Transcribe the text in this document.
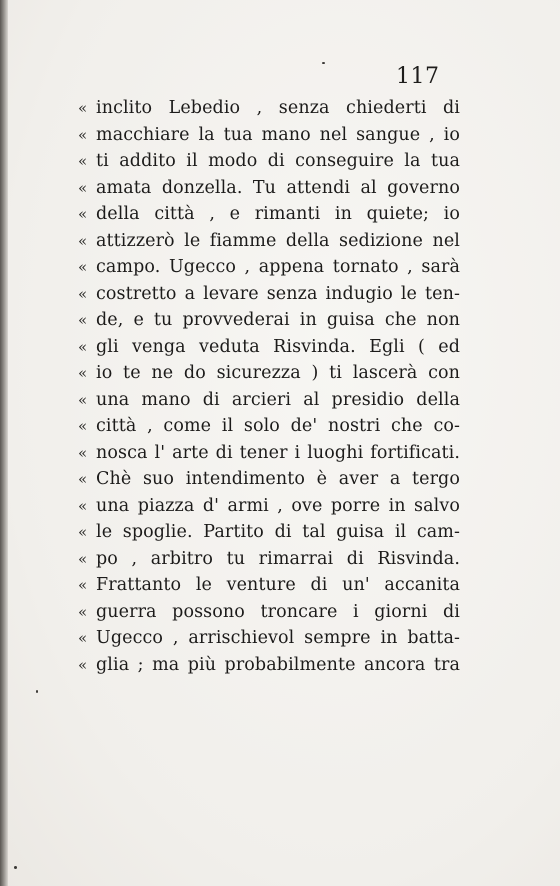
117
« inclito Lebedio , senza chiederti di
« macchiare la tua mano nel sangue , io
« ti addito il modo di conseguire la tua
« amata donzella. Tu attendi al governo
« della città , e rimanti in quiete; io
« attizzerò le fiamme della sedizione nel
« campo. Ugecco , appena tornato , sarà
« costretto a levare senza indugio le ten-
« de, e tu provvederai in guisa che non
« gli venga veduta Risvinda. Egli ( ed
« io te ne do sicurezza ) ti lascerà con
« una mano di arcieri al presidio della
« città , come il solo de' nostri che co-
« nosca l' arte di tener i luoghi fortificati.
« Chè suo intendimento è aver a tergo
« una piazza d' armi , ove porre in salvo
« le spoglie. Partito di tal guisa il cam-
« po , arbitro tu rimarrai di Risvinda.
« Frattanto le venture di un' accanita
« guerra possono troncare i giorni di
« Ugecco , arrischievol sempre in batta-
« glia ; ma più probabilmente ancora tra
